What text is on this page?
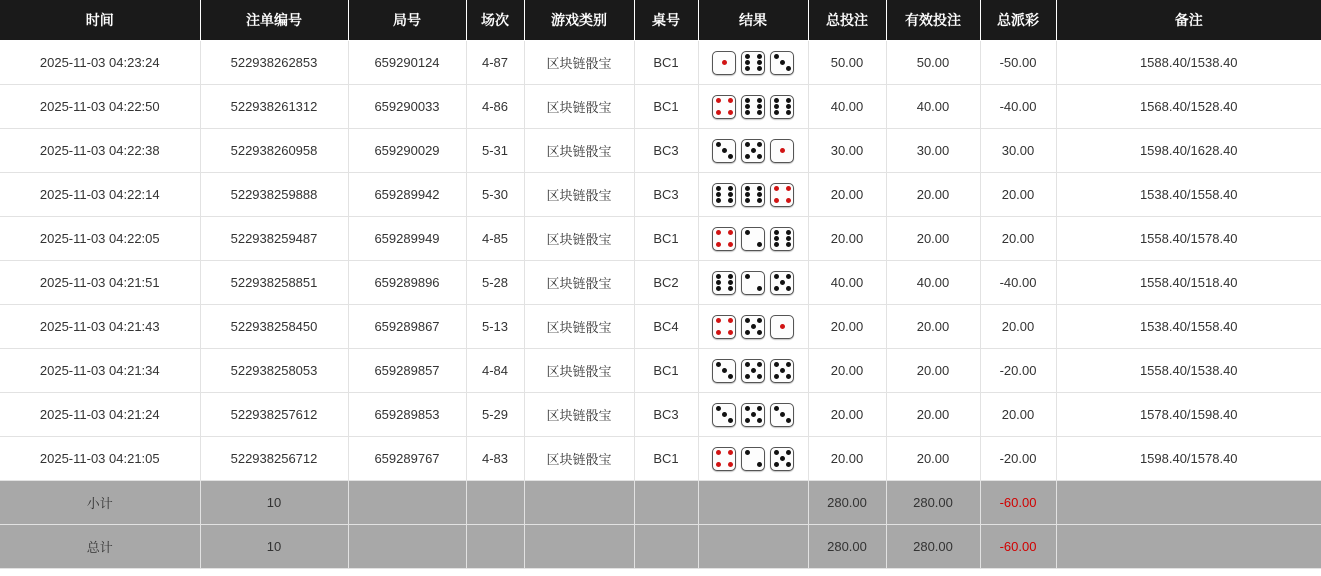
时间	注单编号	局号	场次	游戏类别	桌号	结果	总投注	有效投注	总派彩	备注
2025-11-03 04:23:24	522938262853	659290124	4-87	区块链骰宝	BC1		50.00	50.00	-50.00	1588.40/1538.40
2025-11-03 04:22:50	522938261312	659290033	4-86	区块链骰宝	BC1		40.00	40.00	-40.00	1568.40/1528.40
2025-11-03 04:22:38	522938260958	659290029	5-31	区块链骰宝	BC3		30.00	30.00	30.00	1598.40/1628.40
2025-11-03 04:22:14	522938259888	659289942	5-30	区块链骰宝	BC3		20.00	20.00	20.00	1538.40/1558.40
2025-11-03 04:22:05	522938259487	659289949	4-85	区块链骰宝	BC1		20.00	20.00	20.00	1558.40/1578.40
2025-11-03 04:21:51	522938258851	659289896	5-28	区块链骰宝	BC2		40.00	40.00	-40.00	1558.40/1518.40
2025-11-03 04:21:43	522938258450	659289867	5-13	区块链骰宝	BC4		20.00	20.00	20.00	1538.40/1558.40
2025-11-03 04:21:34	522938258053	659289857	4-84	区块链骰宝	BC1		20.00	20.00	-20.00	1558.40/1538.40
2025-11-03 04:21:24	522938257612	659289853	5-29	区块链骰宝	BC3		20.00	20.00	20.00	1578.40/1598.40
2025-11-03 04:21:05	522938256712	659289767	4-83	区块链骰宝	BC1		20.00	20.00	-20.00	1598.40/1578.40
小计	10						280.00	280.00	-60.00	
总计	10						280.00	280.00	-60.00	
